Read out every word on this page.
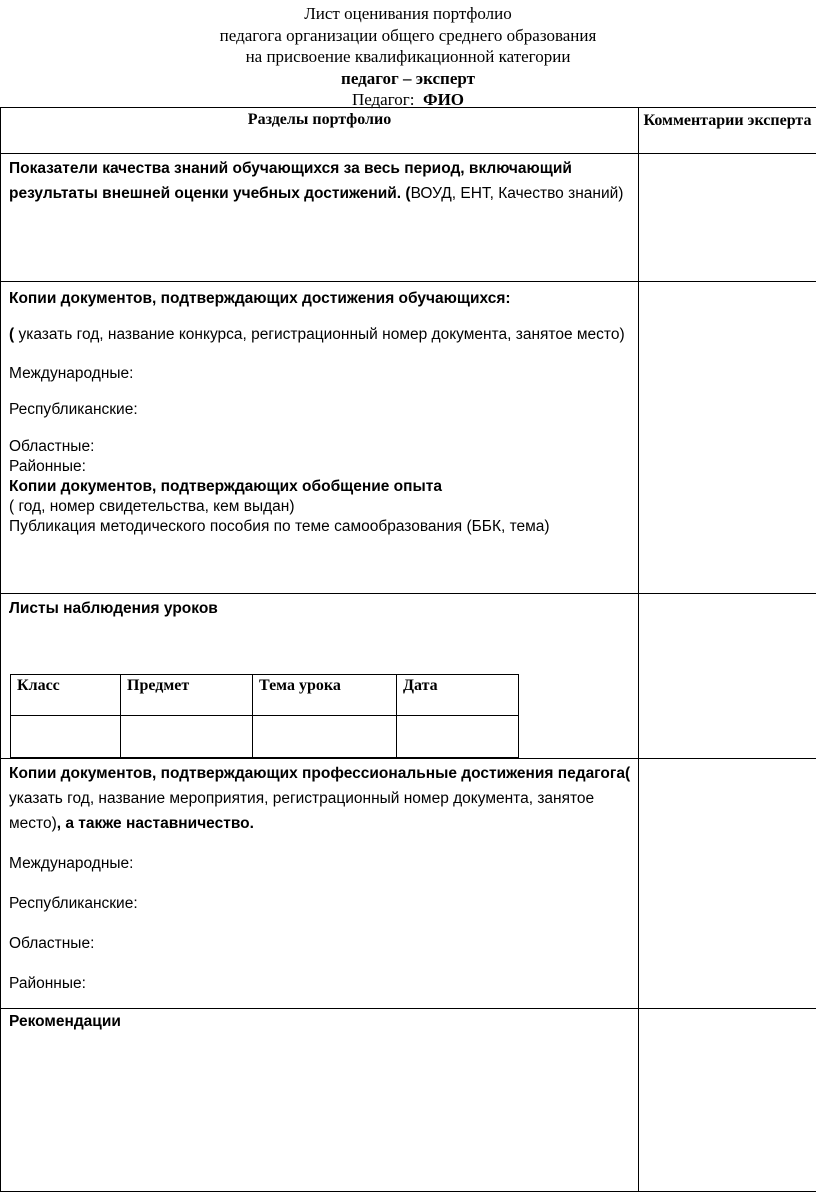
Лист оценивания портфолио
педагога организации общего среднего образования
на присвоение квалификационной категории
педагог – эксперт
Педагог: ФИО
Разделы портфолио	Комментарии эксперта
Показатели качества знаний обучающихся за весь период, включающий результаты внешней оценки учебных достижений. (ВОУД, ЕНТ, Качество знаний)	

Копии документов, подтверждающих достижения обучающихся:

( указать год, название конкурса, регистрационный номер документа, занятое место)

Международные:

Республиканские:

Областные:

Районные:

Копии документов, подтверждающих обобщение опыта

( год, номер свидетельства, кем выдан)

Публикация методического пособия по теме самообразования (ББК, тема)

Листы наблюдения уроков

Класс	Предмет	Тема урока	Дата

Копии документов, подтверждающих профессиональные достижения педагога( указать год, название мероприятия, регистрационный номер документа, занятое место), а также наставничество.

Международные:

Республиканские:

Областные:

Районные:

Рекомендации
